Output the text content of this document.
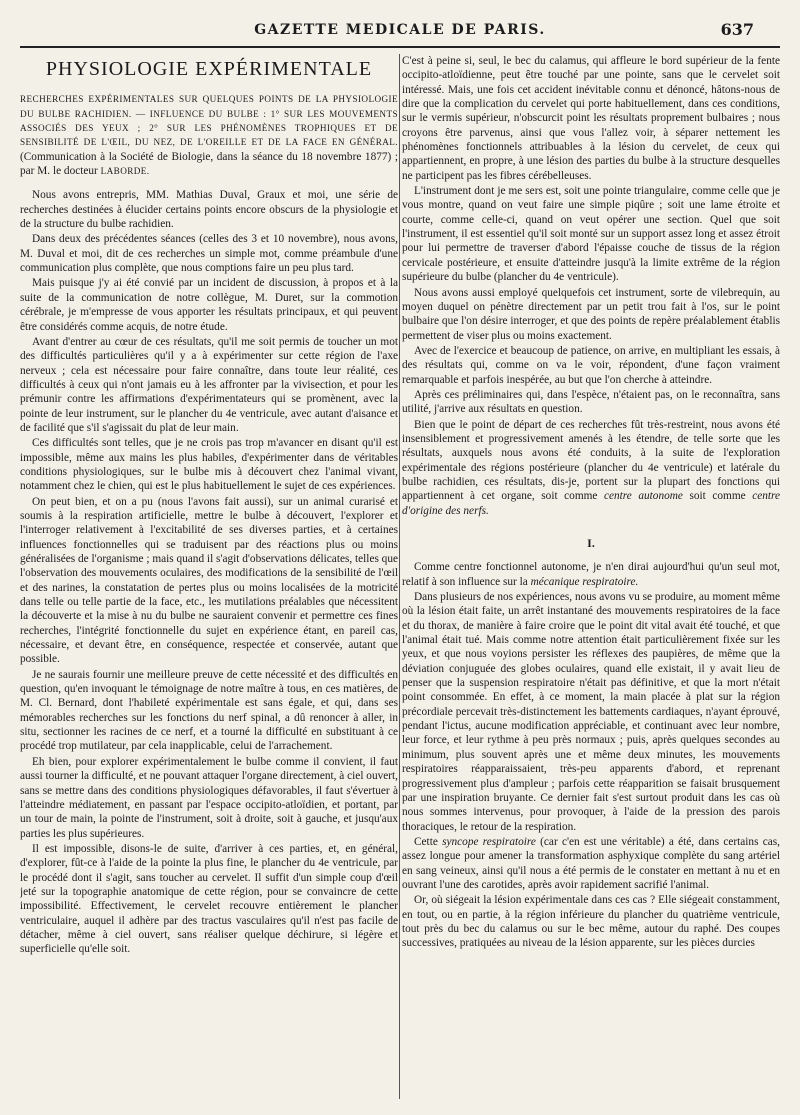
GAZETTE MEDICALE DE PARIS.	637
PHYSIOLOGIE EXPÉRIMENTALE

RECHERCHES EXPÉRIMENTALES SUR QUELQUES POINTS DE LA PHYSIOLOGIE DU BULBE RACHIDIEN. — INFLUENCE DU BULBE : 1° SUR LES MOUVEMENTS ASSOCIÉS DES YEUX ; 2° SUR LES PHÉNOMÈNES TROPHIQUES ET DE SENSIBILITÉ DE L'ŒIL, DU NEZ, DE L'OREILLE ET DE LA FACE EN GÉNÉRAL. (Communication à la Société de Biologie, dans la séance du 18 novembre 1877) ; par M. le docteur LABORDE.

Nous avons entrepris, MM. Mathias Duval, Graux et moi, une série de recherches destinées à élucider certains points encore obscurs de la physiologie et de la structure du bulbe rachidien.

Dans deux des précédentes séances (celles des 3 et 10 novembre), nous avons, M. Duval et moi, dit de ces recherches un simple mot, comme préambule d'une communication plus complète, que nous comptions faire un peu plus tard.

Mais puisque j'y ai été convié par un incident de discussion, à propos et à la suite de la communication de notre collègue, M. Duret, sur la commotion cérébrale, je m'empresse de vous apporter les résultats principaux, et qui peuvent être considérés comme acquis, de notre étude.

Avant d'entrer au cœur de ces résultats, qu'il me soit permis de toucher un mot des difficultés particulières qu'il y a à expérimenter sur cette région de l'axe nerveux ; cela est nécessaire pour faire connaître, dans toute leur réalité, ces difficultés à ceux qui n'ont jamais eu à les affronter par la vivisection, et pour les prémunir contre les affirmations d'expérimentateurs qui se promènent, avec la pointe de leur instrument, sur le plancher du 4e ventricule, avec autant d'aisance et de facilité que s'il s'agissait du plat de leur main.

Ces difficultés sont telles, que je ne crois pas trop m'avancer en disant qu'il est impossible, même aux mains les plus habiles, d'expérimenter dans de véritables conditions physiologiques, sur le bulbe mis à découvert chez l'animal vivant, notamment chez le chien, qui est le plus habituellement le sujet de ces expériences.

On peut bien, et on a pu (nous l'avons fait aussi), sur un animal curarisé et soumis à la respiration artificielle, mettre le bulbe à découvert, l'explorer et l'interroger relativement à l'excitabilité de ses diverses parties, et à certaines influences fonctionnelles qui se traduisent par des réactions plus ou moins généralisées de l'organisme ; mais quand il s'agit d'observations délicates, telles que l'observation des mouvements oculaires, des modifications de la sensibilité de l'œil et des narines, la constatation de pertes plus ou moins localisées de la motricité dans telle ou telle partie de la face, etc., les mutilations préalables que nécessitent la découverte et la mise à nu du bulbe ne sauraient convenir et permettre ces fines recherches, l'intégrité fonctionnelle du sujet en expérience étant, en pareil cas, nécessaire, et devant être, en conséquence, respectée et conservée, autant que possible.

Je ne saurais fournir une meilleure preuve de cette nécessité et des difficultés en question, qu'en invoquant le témoignage de notre maître à tous, en ces matières, de M. Cl. Bernard, dont l'habileté expérimentale est sans égale, et qui, dans ses mémorables recherches sur les fonctions du nerf spinal, a dû renoncer à aller, in situ, sectionner les racines de ce nerf, et a tourné la difficulté en substituant à ce procédé trop mutilateur, par cela inapplicable, celui de l'arrachement.

Eh bien, pour explorer expérimentalement le bulbe comme il convient, il faut aussi tourner la difficulté, et ne pouvant attaquer l'organe directement, à ciel ouvert, sans se mettre dans des conditions physiologiques défavorables, il faut s'évertuer à l'atteindre médiatement, en passant par l'espace occipito-atloïdien, et portant, par un tour de main, la pointe de l'instrument, soit à droite, soit à gauche, et jusqu'aux parties les plus supérieures.

Il est impossible, disons-le de suite, d'arriver à ces parties, et, en général, d'explorer, fût-ce à l'aide de la pointe la plus fine, le plancher du 4e ventricule, par le procédé dont il s'agit, sans toucher au cervelet. Il suffit d'un simple coup d'œil jeté sur la topographie anatomique de cette région, pour se convaincre de cette impossibilité. Effectivement, le cervelet recouvre entièrement le plancher ventriculaire, auquel il adhère par des tractus vasculaires qu'il n'est pas facile de détacher, même à ciel ouvert, sans réaliser quelque déchirure, si légère et superficielle qu'elle soit.

C'est à peine si, seul, le bec du calamus, qui affleure le bord supérieur de la fente occipito-atloïdienne, peut être touché par une pointe, sans que le cervelet soit intéressé. Mais, une fois cet accident inévitable connu et dénoncé, hâtons-nous de dire que la complication du cervelet qui porte habituellement, dans ces conditions, sur le vermis supérieur, n'obscurcit point les résultats proprement bulbaires ; nous croyons être parvenus, ainsi que vous l'allez voir, à séparer nettement les phénomènes fonctionnels attribuables à la lésion du cervelet, de ceux qui appartiennent, en propre, à une lésion des parties du bulbe à la structure desquelles ne participent pas les fibres cérébelleuses.

L'instrument dont je me sers est, soit une pointe triangulaire, comme celle que je vous montre, quand on veut faire une simple piqûre ; soit une lame étroite et courte, comme celle-ci, quand on veut opérer une section. Quel que soit l'instrument, il est essentiel qu'il soit monté sur un support assez long et assez étroit pour lui permettre de traverser d'abord l'épaisse couche de tissus de la région cervicale postérieure, et ensuite d'atteindre jusqu'à la limite extrême de la région supérieure du bulbe (plancher du 4e ventricule).

Nous avons aussi employé quelquefois cet instrument, sorte de vilebrequin, au moyen duquel on pénètre directement par un petit trou fait à l'os, sur le point bulbaire que l'on désire interroger, et que des points de repère préalablement établis permettent de viser plus ou moins exactement.

Avec de l'exercice et beaucoup de patience, on arrive, en multipliant les essais, à des résultats qui, comme on va le voir, répondent, d'une façon vraiment remarquable et parfois inespérée, au but que l'on cherche à atteindre.

Après ces préliminaires qui, dans l'espèce, n'étaient pas, on le reconnaîtra, sans utilité, j'arrive aux résultats en question.

Bien que le point de départ de ces recherches fût très-restreint, nous avons été insensiblement et progressivement amenés à les étendre, de telle sorte que les résultats, auxquels nous avons été conduits, à la suite de l'exploration expérimentale des régions postérieure (plancher du 4e ventricule) et latérale du bulbe rachidien, ces résultats, dis-je, portent sur la plupart des fonctions qui appartiennent à cet organe, soit comme centre autonome soit comme centre d'origine des nerfs.

I.

Comme centre fonctionnel autonome, je n'en dirai aujourd'hui qu'un seul mot, relatif à son influence sur la mécanique respiratoire.

Dans plusieurs de nos expériences, nous avons vu se produire, au moment même où la lésion était faite, un arrêt instantané des mouvements respiratoires de la face et du thorax, de manière à faire croire que le point dit vital avait été touché, et que l'animal était tué. Mais comme notre attention était particulièrement fixée sur les yeux, et que nous voyions persister les réflexes des paupières, de même que la déviation conjuguée des globes oculaires, quand elle existait, il y avait lieu de penser que la suspension respiratoire n'était pas définitive, et que la mort n'était point consommée. En effet, à ce moment, la main placée à plat sur la région précordiale percevait très-distinctement les battements cardiaques, n'ayant éprouvé, pendant l'ictus, aucune modification appréciable, et continuant avec leur nombre, leur force, et leur rythme à peu près normaux ; puis, après quelques secondes au minimum, plus souvent après une et même deux minutes, les mouvements respiratoires réapparaissaient, très-peu apparents d'abord, et reprenant progressivement plus d'ampleur ; parfois cette réapparition se faisait brusquement par une inspiration bruyante. Ce dernier fait s'est surtout produit dans les cas où nous sommes intervenus, pour provoquer, à l'aide de la pression des parois thoraciques, le retour de la respiration.

Cette syncope respiratoire (car c'en est une véritable) a été, dans certains cas, assez longue pour amener la transformation asphyxique complète du sang artériel en sang veineux, ainsi qu'il nous a été permis de le constater en mettant à nu et en ouvrant l'une des carotides, après avoir rapidement sacrifié l'animal.

Or, où siégeait la lésion expérimentale dans ces cas ? Elle siégeait constamment, en tout, ou en partie, à la région inférieure du plancher du quatrième ventricule, tout près du bec du calamus ou sur le bec même, autour du raphé. Des coupes successives, pratiquées au niveau de la lésion apparente, sur les pièces durcies
